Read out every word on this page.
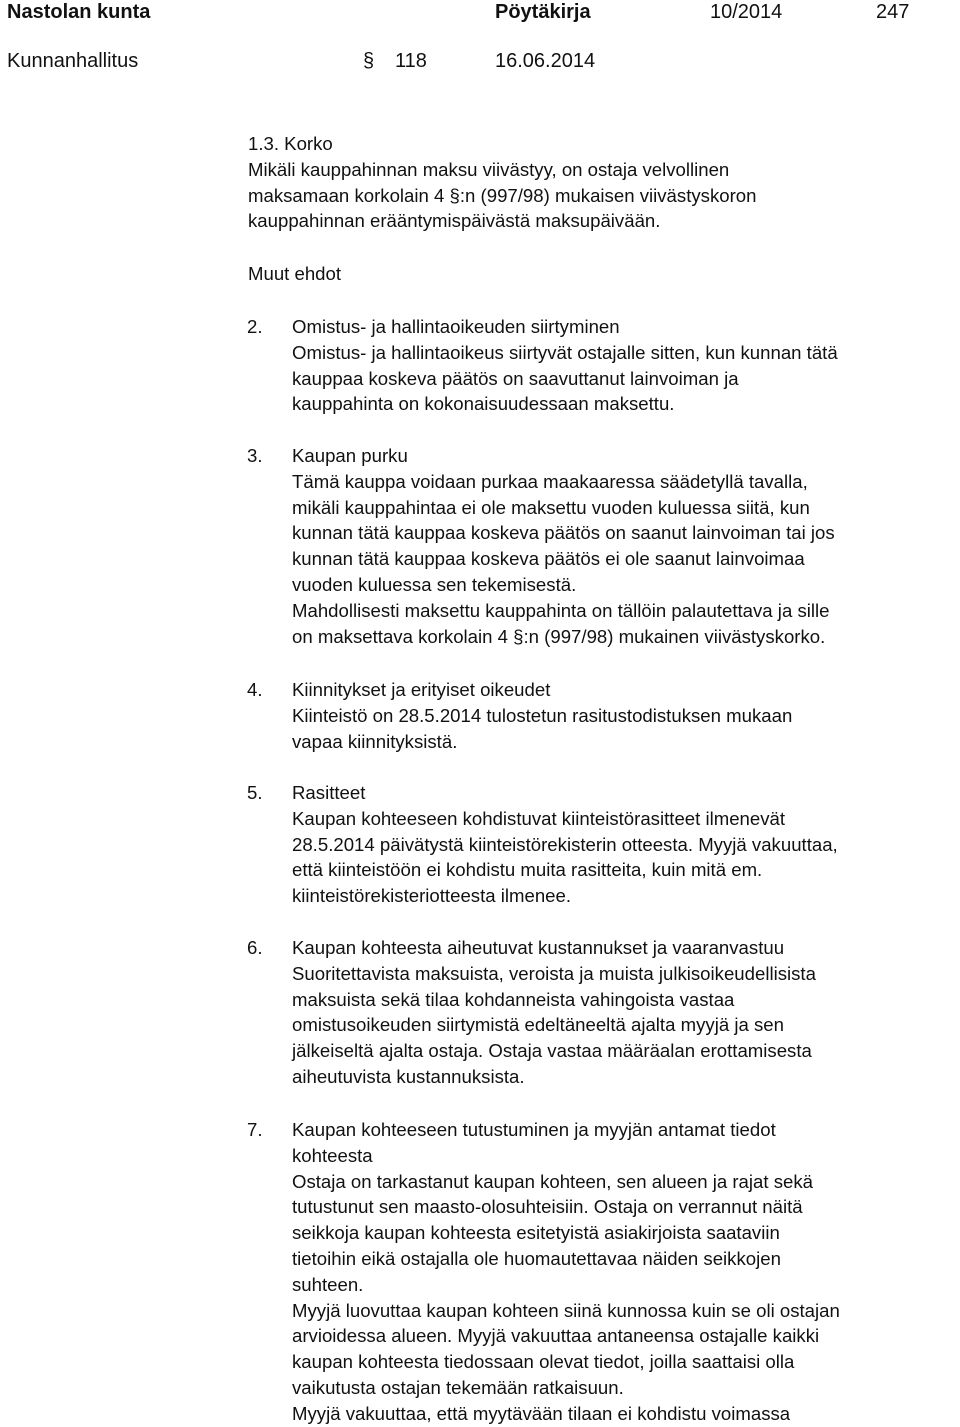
Nastolan kunta	Pöytäkirja	10/2014	247
Kunnanhallitus	§ 118	16.06.2014
1.3. Korko
Mikäli kauppahinnan maksu viivästyy, on ostaja velvollinen
maksamaan korkolain 4 §:n (997/98) mukaisen viivästyskoron
kauppahinnan erääntymispäivästä maksupäivään.
Muut ehdot
2. Omistus- ja hallintaoikeuden siirtyminen
Omistus- ja hallintaoikeus siirtyvät ostajalle sitten, kun kunnan tätä
kauppaa koskeva päätös on saavuttanut lainvoiman ja
kauppahinta on kokonaisuudessaan maksettu.
3. Kaupan purku
Tämä kauppa voidaan purkaa maakaaressa säädetyllä tavalla,
mikäli kauppahintaa ei ole maksettu vuoden kuluessa siitä, kun
kunnan tätä kauppaa koskeva päätös on saanut lainvoiman tai jos
kunnan tätä kauppaa koskeva päätös ei ole saanut lainvoimaa
vuoden kuluessa sen tekemisestä.
Mahdollisesti maksettu kauppahinta on tällöin palautettava ja sille
on maksettava korkolain 4 §:n (997/98) mukainen viivästyskorko.
4. Kiinnitykset ja erityiset oikeudet
Kiinteistö on 28.5.2014 tulostetun rasitustodistuksen mukaan
vapaa kiinnityksistä.
5. Rasitteet
Kaupan kohteeseen kohdistuvat kiinteistörasitteet ilmenevät
28.5.2014 päivätystä kiinteistörekisterin otteesta. Myyjä vakuuttaa,
että kiinteistöön ei kohdistu muita rasitteita, kuin mitä em.
kiinteistörekisteriotteesta ilmenee.
6. Kaupan kohteesta aiheutuvat kustannukset ja vaaranvastuu
Suoritettavista maksuista, veroista ja muista julkisoikeudellisista
maksuista sekä tilaa kohdanneista vahingoista vastaa
omistusoikeuden siirtymistä edeltäneeltä ajalta myyjä ja sen
jälkeiseltä ajalta ostaja. Ostaja vastaa määräalan erottamisesta
aiheutuvista kustannuksista.
7. Kaupan kohteeseen tutustuminen ja myyjän antamat tiedot
kohteesta
Ostaja on tarkastanut kaupan kohteen, sen alueen ja rajat sekä
tutustunut sen maasto-olosuhteisiin. Ostaja on verrannut näitä
seikkoja kaupan kohteesta esitetyistä asiakirjoista saataviin
tietoihin eikä ostajalla ole huomautettavaa näiden seikkojen
suhteen.
Myyjä luovuttaa kaupan kohteen siinä kunnossa kuin se oli ostajan
arvioidessa alueen. Myyjä vakuuttaa antaneensa ostajalle kaikki
kaupan kohteesta tiedossaan olevat tiedot, joilla saattaisi olla
vaikutusta ostajan tekemään ratkaisuun.
Myyjä vakuuttaa, että myytävään tilaan ei kohdistu voimassa
